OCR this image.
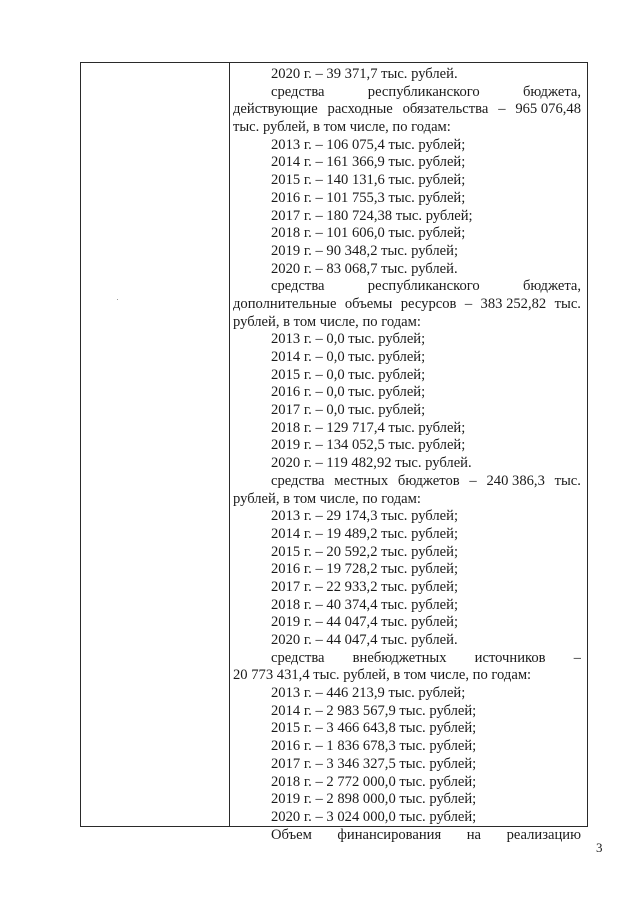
2020 г. – 39 371,7 тыс. рублей.
средства	республиканского	бюджета,
действующие расходные обязательства – 965 076,48
тыс. рублей, в том числе, по годам:
2013 г. – 106 075,4 тыс. рублей;
2014 г. – 161 366,9 тыс. рублей;
2015 г. – 140 131,6 тыс. рублей;
2016 г. – 101 755,3 тыс. рублей;
2017 г. – 180 724,38 тыс. рублей;
2018 г. – 101 606,0 тыс. рублей;
2019 г. – 90 348,2 тыс. рублей;
2020 г. – 83 068,7 тыс. рублей.
средства	республиканского	бюджета,
дополнительные объемы ресурсов – 383 252,82 тыс.
рублей, в том числе, по годам:
2013 г. – 0,0 тыс. рублей;
2014 г. – 0,0 тыс. рублей;
2015 г. – 0,0 тыс. рублей;
2016 г. – 0,0 тыс. рублей;
2017 г. – 0,0 тыс. рублей;
2018 г. – 129 717,4 тыс. рублей;
2019 г. – 134 052,5 тыс. рублей;
2020 г. – 119 482,92 тыс. рублей.
средства местных бюджетов – 240 386,3 тыс.
рублей, в том числе, по годам:
2013 г. – 29 174,3 тыс. рублей;
2014 г. – 19 489,2 тыс. рублей;
2015 г. – 20 592,2 тыс. рублей;
2016 г. – 19 728,2 тыс. рублей;
2017 г. – 22 933,2 тыс. рублей;
2018 г. – 40 374,4 тыс. рублей;
2019 г. – 44 047,4 тыс. рублей;
2020 г. – 44 047,4 тыс. рублей.
средства внебюджетных источников –
20 773 431,4 тыс. рублей, в том числе, по годам:
2013 г. – 446 213,9 тыс. рублей;
2014 г. – 2 983 567,9 тыс. рублей;
2015 г. – 3 466 643,8 тыс. рублей;
2016 г. – 1 836 678,3 тыс. рублей;
2017 г. – 3 346 327,5 тыс. рублей;
2018 г. – 2 772 000,0 тыс. рублей;
2019 г. – 2 898 000,0 тыс. рублей;
2020 г. – 3 024 000,0 тыс. рублей;
Объем финансирования на реализацию
3
